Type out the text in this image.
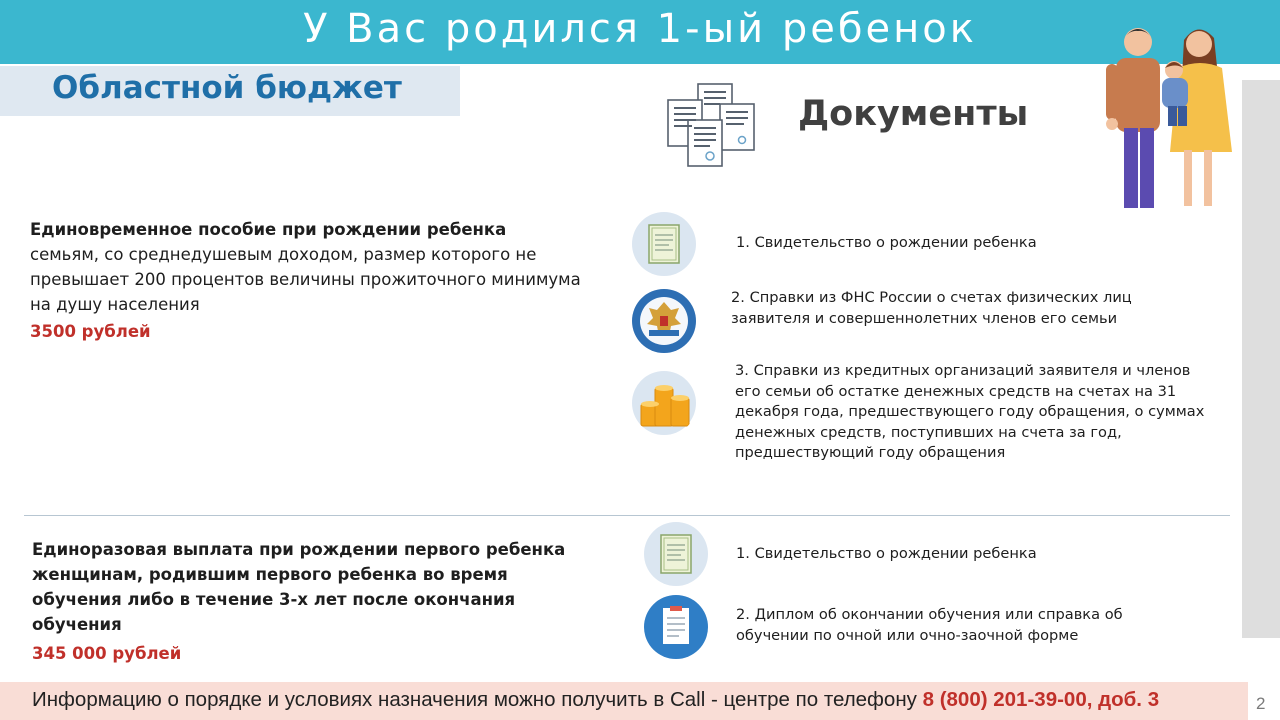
У Вас родился 1-ый ребенок
Областной бюджет
Документы
Единовременное пособие при рождении ребенка
семьям, со среднедушевым доходом, размер которого не превышает 200 процентов величины прожиточного минимума на душу населения
3500 рублей
1. Свидетельство о рождении ребенка
2. Справки из ФНС России о счетах физических лиц заявителя и совершеннолетних членов его семьи
3. Справки из кредитных организаций заявителя и членов его семьи об остатке денежных средств на счетах на 31 декабря года, предшествующего году обращения, о суммах денежных средств, поступивших на счета за год, предшествующий году обращения
Единоразовая выплата при рождении первого ребенка женщинам, родившим первого ребенка во время обучения либо в течение 3-х лет после окончания обучения
345 000 рублей
1. Свидетельство о рождении ребенка
2. Диплом об окончании обучения или справка об обучении по очной или очно-заочной форме
Информацию о порядке и условиях назначения можно получить в Call - центре по телефону 8 (800) 201-39-00, доб. 3	2
